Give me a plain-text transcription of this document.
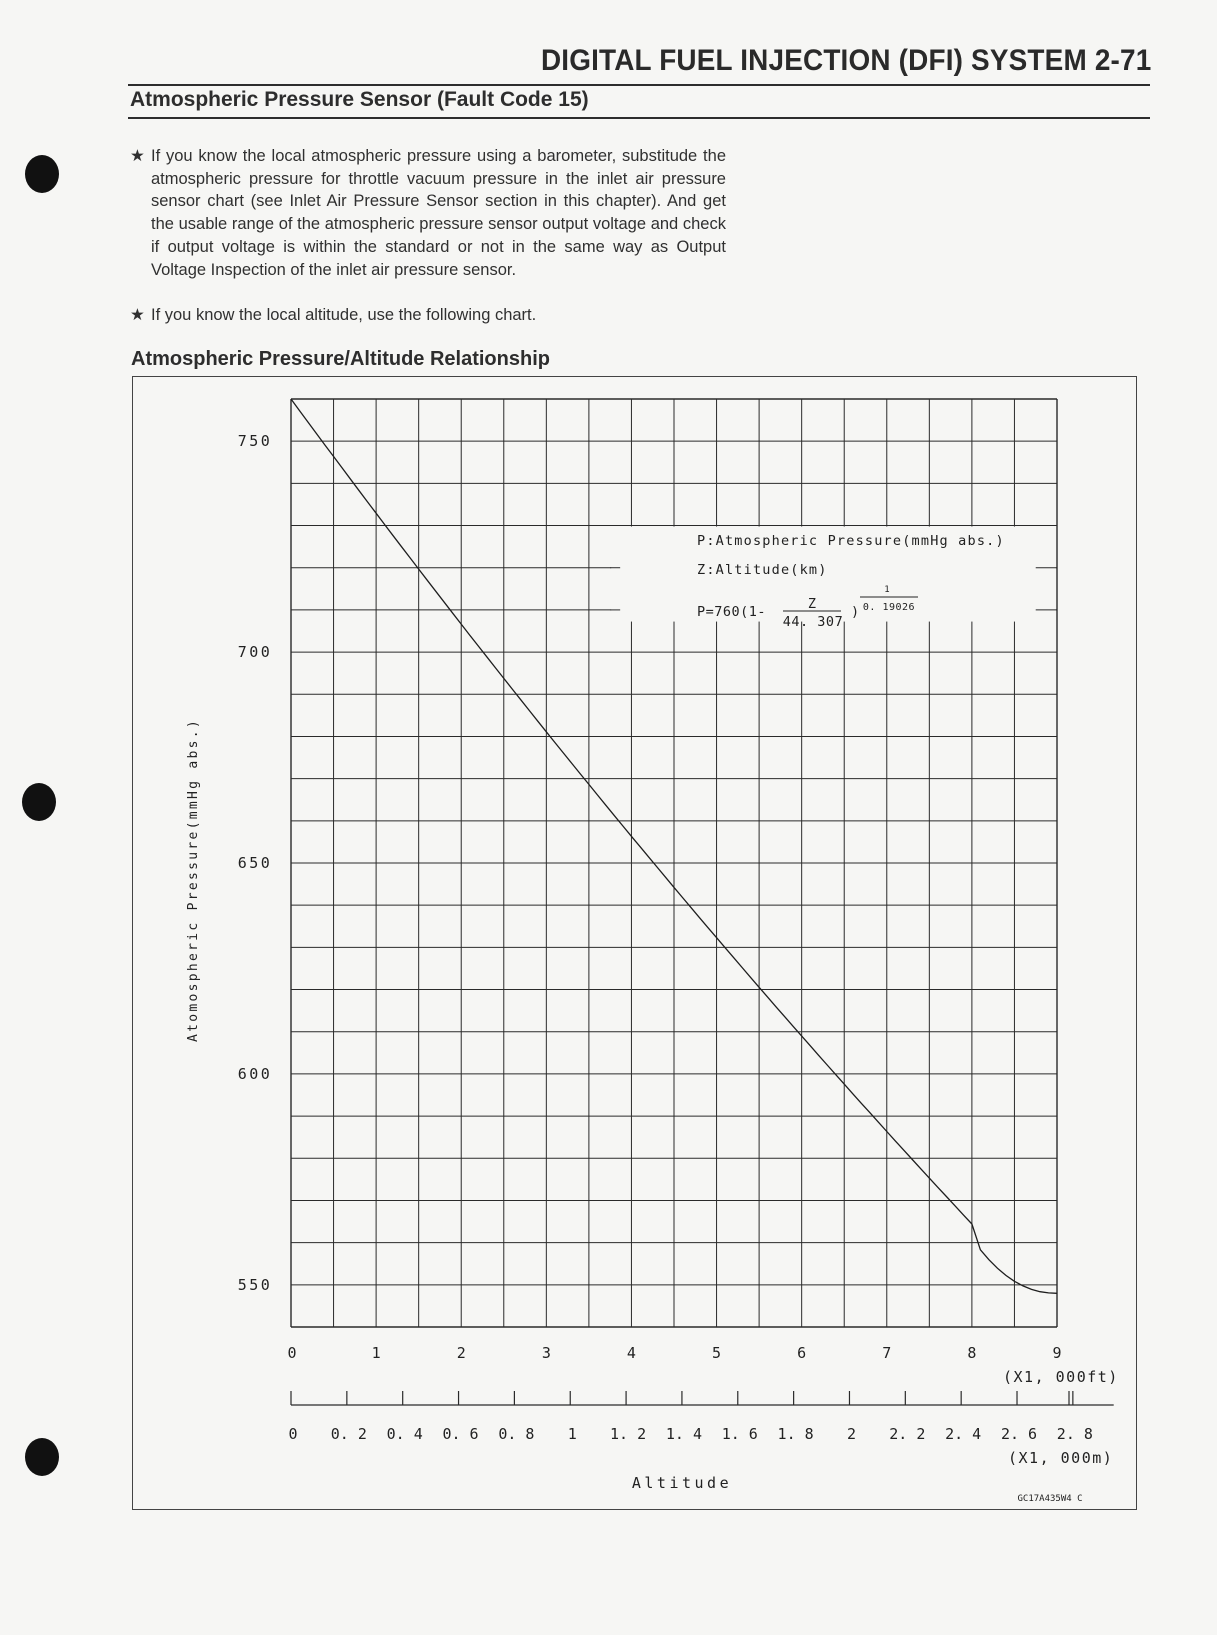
DIGITAL FUEL INJECTION (DFI) SYSTEM 2-71
Atmospheric Pressure Sensor (Fault Code 15)
★ If you know the local atmospheric pressure using a barometer, substitude the atmospheric pressure for throttle vacuum pressure in the inlet air pressure sensor chart (see Inlet Air Pressure Sensor section in this chapter). And get the usable range of the atmospheric pressure sensor output voltage and check if output voltage is within the standard or not in the same way as Output Voltage Inspection of the inlet air pressure sensor.
★ If you know the local altitude, use the following chart.
Atmospheric Pressure/Altitude Relationship
750
700
650
600
550
0	1	2	3	4	5	6	7	8	9
0 0. 2 0. 4 0. 6 0. 8 1 1. 2 1. 4 1. 6 1. 8 2 2. 2 2. 4 2. 6 2. 8
Atomospheric Pressure(mmHg abs.)
(X1, 000ft)
(X1, 000m)
Altitude
GC17A435W4 C
P:Atmospheric Pressure(mmHg abs.)
Z:Altitude(km)
P=760(1-	Z
44. 307
)
1
0. 19026
